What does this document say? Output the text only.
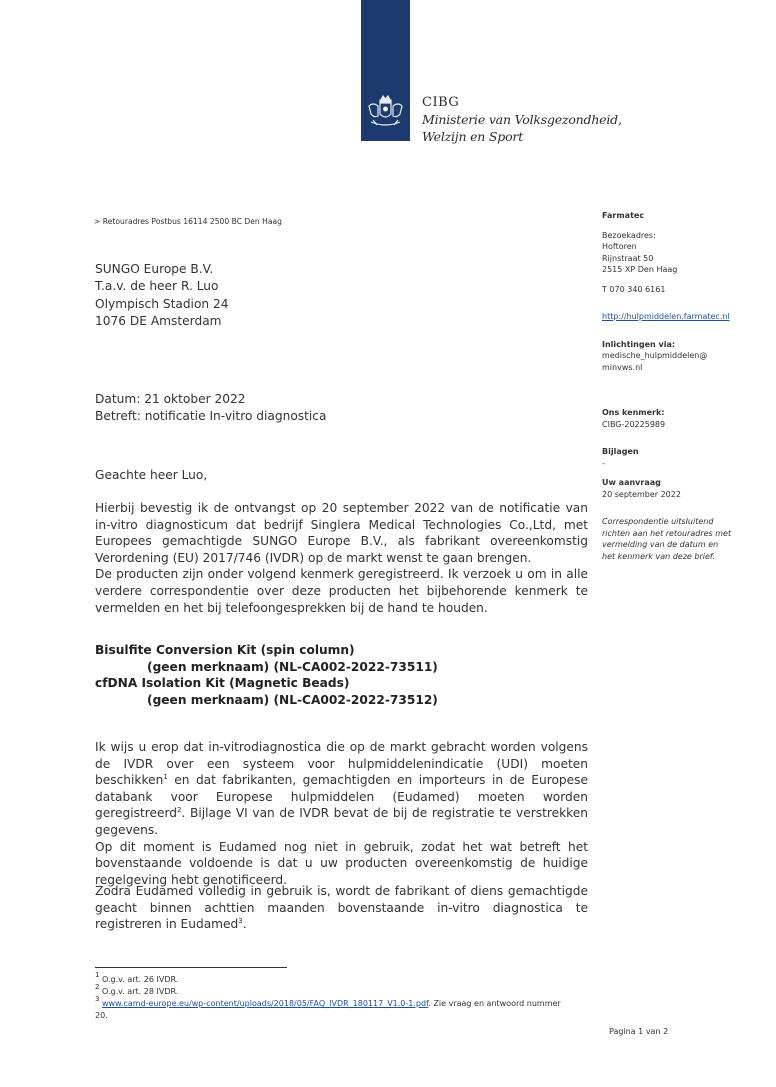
CIBG
Ministerie van Volksgezondheid,
Welzijn en Sport
> Retouradres Postbus 16114 2500 BC Den Haag
SUNGO Europe B.V.
T.a.v. de heer R. Luo
Olympisch Stadion 24
1076 DE Amsterdam
Datum: 21 oktober 2022
Betreft: notificatie In-vitro diagnostica
Geachte heer Luo,
Hierbij bevestig ik de ontvangst op 20 september 2022 van de notificatie van in-vitro diagnosticum dat bedrijf Singlera Medical Technologies Co.,Ltd, met Europees gemachtigde SUNGO Europe B.V., als fabrikant overeenkomstig Verordening (EU) 2017/746 (IVDR) op de markt wenst te gaan brengen.
De producten zijn onder volgend kenmerk geregistreerd. Ik verzoek u om in alle verdere correspondentie over deze producten het bijbehorende kenmerk te vermelden en het bij telefoongesprekken bij de hand te houden.
Bisulfite Conversion Kit (spin column)
(geen merknaam) (NL-CA002-2022-73511)
cfDNA Isolation Kit (Magnetic Beads)
(geen merknaam) (NL-CA002-2022-73512)
Ik wijs u erop dat in-vitrodiagnostica die op de markt gebracht worden volgens de IVDR over een systeem voor hulpmiddelenindicatie (UDI) moeten beschikken$^1$ en dat fabrikanten, gemachtigden en importeurs in de Europese databank voor Europese hulpmiddelen (Eudamed) moeten worden geregistreerd$^2$. Bijlage VI van de IVDR bevat de bij de registratie te verstrekken gegevens.
Op dit moment is Eudamed nog niet in gebruik, zodat het wat betreft het bovenstaande voldoende is dat u uw producten overeenkomstig de huidige regelgeving hebt genotificeerd.
Zodra Eudamed volledig in gebruik is, wordt de fabrikant of diens gemachtigde geacht binnen achttien maanden bovenstaande in-vitro diagnostica te registreren in Eudamed$^3$.
$^1$ O.g.v. art. 26 IVDR.
$^2$ O.g.v. art. 28 IVDR.
$^3$ www.camd-europe.eu/wp-content/uploads/2018/05/FAQ_IVDR_180117_V1.0-1.pdf. Zie vraag en antwoord nummer 20.
Pagina 1 van 2
Farmatec
Bezoekadres:
Hoftoren
Rijnstraat 50
2515 XP Den Haag
T 070 340 6161
http://hulpmiddelen.farmatec.nl
Inlichtingen via:
medische_hulpmiddelen@
minvws.nl
Ons kenmerk:
CIBG-20225989
Bijlagen
-
Uw aanvraag
20 september 2022
Correspondentie uitsluitend
richten aan het retouradres met
vermelding van de datum en
het kenmerk van deze brief.
